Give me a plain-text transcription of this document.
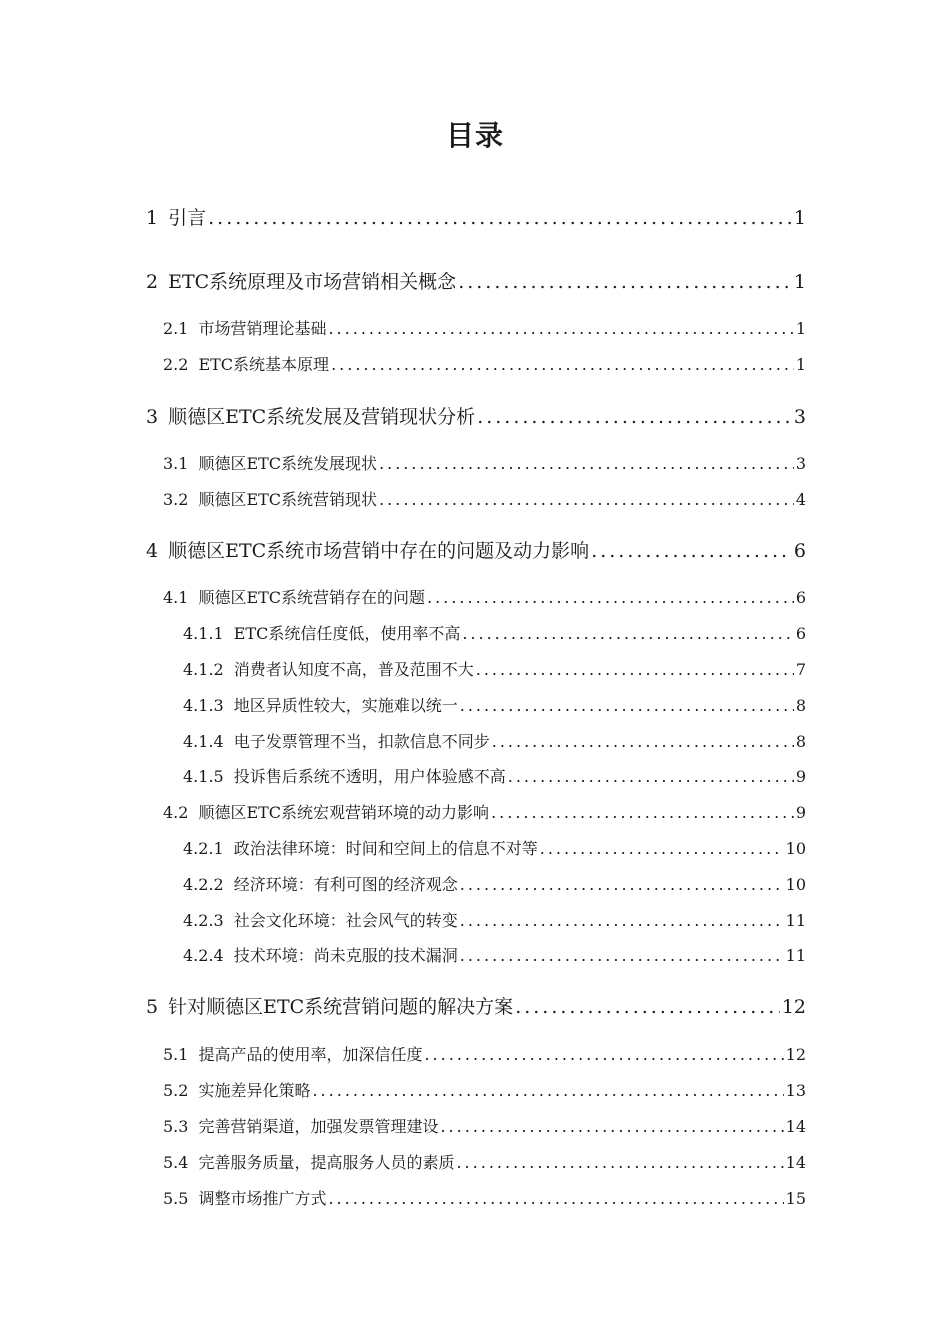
目录
1 引言 .....	1
2 ETC系统原理及市场营销相关概念 .....	1
2.1 市场营销理论基础 .....	1
2.2 ETC系统基本原理 .....	1
3 顺德区ETC系统发展及营销现状分析 .....	3
3.1 顺德区ETC系统发展现状 .....	3
3.2 顺德区ETC系统营销现状 .....	4
4 顺德区ETC系统市场营销中存在的问题及动力影响 .....	6
4.1 顺德区ETC系统营销存在的问题 .....	6
4.1.1 ETC系统信任度低，使用率不高 .....	6
4.1.2 消费者认知度不高，普及范围不大 .....	7
4.1.3 地区异质性较大，实施难以统一 .....	8
4.1.4 电子发票管理不当，扣款信息不同步 .....	8
4.1.5 投诉售后系统不透明，用户体验感不高 .....	9
4.2 顺德区ETC系统宏观营销环境的动力影响 .....	9
4.2.1 政治法律环境：时间和空间上的信息不对等 .....	10
4.2.2 经济环境：有利可图的经济观念 .....	10
4.2.3 社会文化环境：社会风气的转变 .....	11
4.2.4 技术环境：尚未克服的技术漏洞 .....	11
5 针对顺德区ETC系统营销问题的解决方案 .....	12
5.1 提高产品的使用率，加深信任度 .....	12
5.2 实施差异化策略 .....	13
5.3 完善营销渠道，加强发票管理建设 .....	14
5.4 完善服务质量，提高服务人员的素质 .....	14
5.5 调整市场推广方式 .....	15
